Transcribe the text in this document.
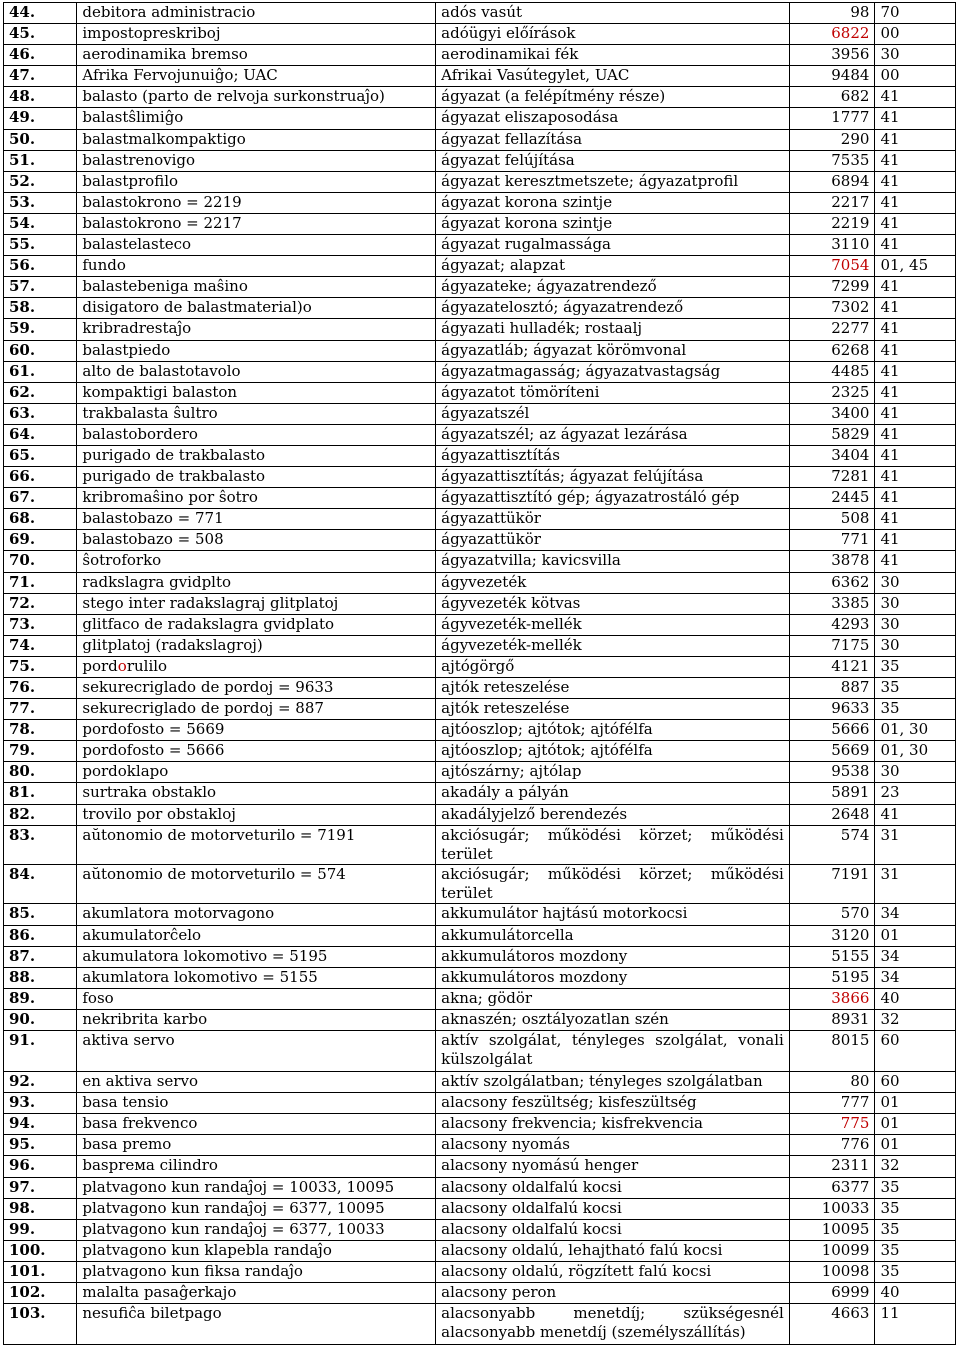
44.	debitora administracio	adós vasút	98	70
45.	impostopreskriboj	adóügyi előírások	6822	00
46.	aerodinamika bremso	aerodinamikai fék	3956	30
47.	Afrika Fervojunuiĝo; UAC	Afrikai Vasútegylet, UAC	9484	00
48.	balasto (parto de relvoja surkonstruaĵo)	ágyazat (a felépítmény része)	682	41
49.	balastŝlimiĝo	ágyazat eliszaposodása	1777	41
50.	balastmalkompaktigo	ágyazat fellazítása	290	41
51.	balastrenovigo	ágyazat felújítása	7535	41
52.	balastprofilo	ágyazat keresztmetszete; ágyazatprofil	6894	41
53.	balastokrono = 2219	ágyazat korona szintje	2217	41
54.	balastokrono = 2217	ágyazat korona szintje	2219	41
55.	balastelasteco	ágyazat rugalmassága	3110	41
56.	fundo	ágyazat; alapzat	7054	01, 45
57.	balastebeniga maŝino	ágyazateke; ágyazatrendező	7299	41
58.	disigatoro de balastmaterial)o	ágyazatelosztó; ágyazatrendező	7302	41
59.	kribradrestaĵo	ágyazati hulladék; rostaalj	2277	41
60.	balastpiedo	ágyazatláb; ágyazat körömvonal	6268	41
61.	alto de balastotavolo	ágyazatmagasság; ágyazatvastagság	4485	41
62.	kompaktigi balaston	ágyazatot tömöríteni	2325	41
63.	trakbalasta ŝultro	ágyazatszél	3400	41
64.	balastobordero	ágyazatszél; az ágyazat lezárása	5829	41
65.	purigado de trakbalasto	ágyazattisztítás	3404	41
66.	purigado de trakbalasto	ágyazattisztítás; ágyazat felújítása	7281	41
67.	kribromaŝino por ŝotro	ágyazattisztító gép; ágyazatrostáló gép	2445	41
68.	balastobazo = 771	ágyazattükör	508	41
69.	balastobazo = 508	ágyazattükör	771	41
70.	ŝotroforko	ágyazatvilla; kavicsvilla	3878	41
71.	radkslagra gvidplto	ágyvezeték	6362	30
72.	stego inter radakslagraj glitplatoj	ágyvezeték kötvas	3385	30
73.	glitfaco de radakslagra gvidplato	ágyvezeték-mellék	4293	30
74.	glitplatoj (radakslagroj)	ágyvezeték-mellék	7175	30
75.	pordorulilo	ajtógörgő	4121	35
76.	sekurecriglado de pordoj = 9633	ajtók reteszelése	887	35
77.	sekurecriglado de pordoj = 887	ajtók reteszelése	9633	35
78.	pordofosto = 5669	ajtóoszlop; ajtótok; ajtófélfa	5666	01, 30
79.	pordofosto = 5666	ajtóoszlop; ajtótok; ajtófélfa	5669	01, 30
80.	pordoklapo	ajtószárny; ajtólap	9538	30
81.	surtraka obstaklo	akadály a pályán	5891	23
82.	trovilo por obstakloj	akadályjelző berendezés	2648	41
83.	aŭtonomio de motorveturilo = 7191	akciósugár; működési körzet; működési terület	574	31
84.	aŭtonomio de motorveturilo = 574	akciósugár; működési körzet; működési terület	7191	31
85.	akumlatora motorvagono	akkumulátor hajtású motorkocsi	570	34
86.	akumulatorĉelo	akkumulátorcella	3120	01
87.	akumulatora lokomotivo = 5195	akkumulátoros mozdony	5155	34
88.	akumlatora lokomotivo = 5155	akkumulátoros mozdony	5195	34
89.	foso	akna; gödör	3866	40
90.	nekribrita karbo	aknaszén; osztályozatlan szén	8931	32
91.	aktiva servo	aktív szolgálat, tényleges szolgálat, vonali külszolgálat	8015	60
92.	en aktiva servo	aktív szolgálatban; tényleges szolgálatban	80	60
93.	basa tensio	alacsony feszültség; kisfeszültség	777	01
94.	basa frekvenco	alacsony frekvencia; kisfrekvencia	775	01
95.	basa premo	alacsony nyomás	776	01
96.	baspreма cilindro	alacsony nyomású henger	2311	32
97.	platvagono kun randaĵoj = 10033, 10095	alacsony oldalfalú kocsi	6377	35
98.	platvagono kun randaĵoj = 6377, 10095	alacsony oldalfalú kocsi	10033	35
99.	platvagono kun randaĵoj = 6377, 10033	alacsony oldalfalú kocsi	10095	35
100.	platvagono kun klapebla randaĵo	alacsony oldalú, lehajtható falú kocsi	10099	35
101.	platvagono kun fiksa randaĵo	alacsony oldalú, rögzített falú kocsi	10098	35
102.	malalta pasaĝerkajo	alacsony peron	6999	40
103.	nesufiĉa biletpago	alacsonyabb menetdíj; szükségesnél alacsonyabb menetdíj (személyszállítás)	4663	11
